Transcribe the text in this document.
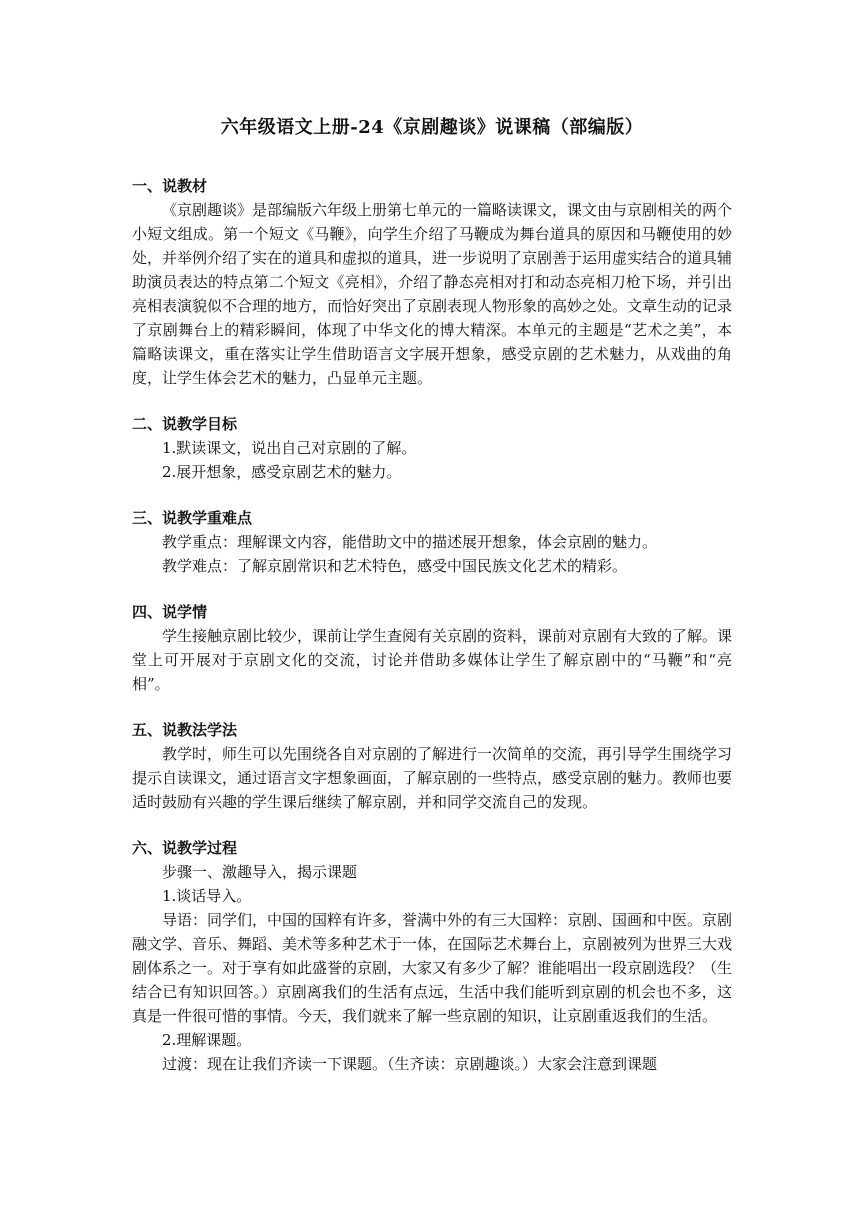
六年级语文上册-24《京剧趣谈》说课稿（部编版）
一、说教材

《京剧趣谈》是部编版六年级上册第七单元的一篇略读课文，课文由与京剧相关的两个小短文组成。第一个短文《马鞭》，向学生介绍了马鞭成为舞台道具的原因和马鞭使用的妙处，并举例介绍了实在的道具和虚拟的道具，进一步说明了京剧善于运用虚实结合的道具辅助演员表达的特点第二个短文《亮相》，介绍了静态亮相对打和动态亮相刀枪下场，并引出亮相表演貌似不合理的地方，而恰好突出了京剧表现人物形象的高妙之处。文章生动的记录了京剧舞台上的精彩瞬间，体现了中华文化的博大精深。本单元的主题是“艺术之美”，本篇略读课文，重在落实让学生借助语言文字展开想象，感受京剧的艺术魅力，从戏曲的角度，让学生体会艺术的魅力，凸显单元主题。

二、说教学目标

1.默读课文，说出自己对京剧的了解。

2.展开想象，感受京剧艺术的魅力。

三、说教学重难点

教学重点：理解课文内容，能借助文中的描述展开想象，体会京剧的魅力。

教学难点：了解京剧常识和艺术特色，感受中国民族文化艺术的精彩。

四、说学情

学生接触京剧比较少，课前让学生查阅有关京剧的资料，课前对京剧有大致的了解。课堂上可开展对于京剧文化的交流，讨论并借助多媒体让学生了解京剧中的“马鞭”和“亮相”。

五、说教法学法

教学时，师生可以先围绕各自对京剧的了解进行一次简单的交流，再引导学生围绕学习提示自读课文，通过语言文字想象画面，了解京剧的一些特点，感受京剧的魅力。教师也要适时鼓励有兴趣的学生课后继续了解京剧，并和同学交流自己的发现。

六、说教学过程

步骤一、激趣导入，揭示课题

1.谈话导入。

导语：同学们，中国的国粹有许多，誉满中外的有三大国粹：京剧、国画和中医。京剧融文学、音乐、舞蹈、美术等多种艺术于一体，在国际艺术舞台上，京剧被列为世界三大戏剧体系之一。对于享有如此盛誉的京剧，大家又有多少了解？谁能唱出一段京剧选段？（生结合已有知识回答。）京剧离我们的生活有点远，生活中我们能听到京剧的机会也不多，这真是一件很可惜的事情。今天，我们就来了解一些京剧的知识，让京剧重返我们的生活。

2.理解课题。

过渡：现在让我们齐读一下课题。（生齐读：京剧趣谈。）大家会注意到课题
